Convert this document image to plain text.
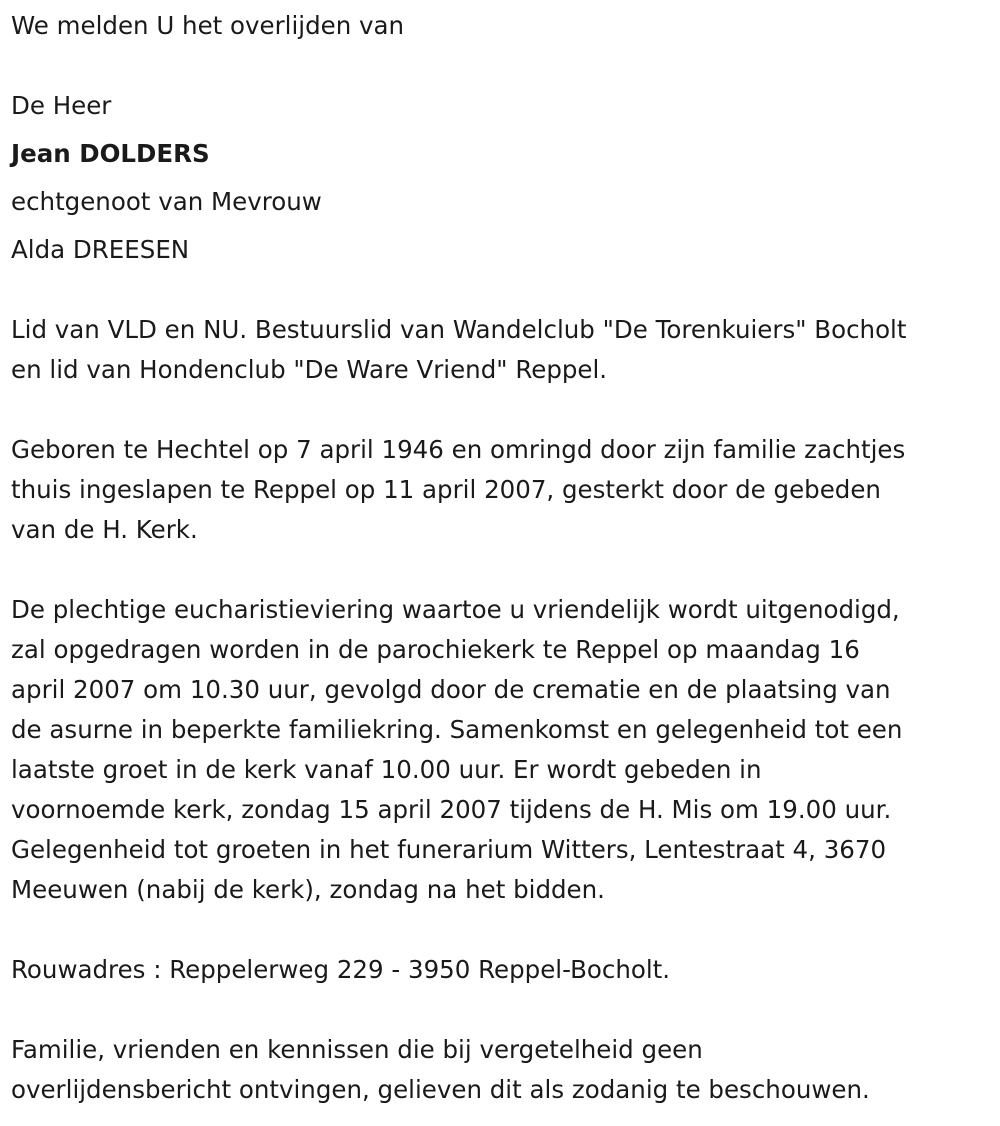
We melden U het overlijden van
De Heer
Jean DOLDERS
echtgenoot van Mevrouw
Alda DREESEN
Lid van VLD en NU. Bestuurslid van Wandelclub "De Torenkuiers" Bocholt
en lid van Hondenclub "De Ware Vriend" Reppel.
Geboren te Hechtel op 7 april 1946 en omringd door zijn familie zachtjes
thuis ingeslapen te Reppel op 11 april 2007, gesterkt door de gebeden
van de H. Kerk.
De plechtige eucharistieviering waartoe u vriendelijk wordt uitgenodigd,
zal opgedragen worden in de parochiekerk te Reppel op maandag 16
april 2007 om 10.30 uur, gevolgd door de crematie en de plaatsing van
de asurne in beperkte familiekring. Samenkomst en gelegenheid tot een
laatste groet in de kerk vanaf 10.00 uur. Er wordt gebeden in
voornoemde kerk, zondag 15 april 2007 tijdens de H. Mis om 19.00 uur.
Gelegenheid tot groeten in het funerarium Witters, Lentestraat 4, 3670
Meeuwen (nabij de kerk), zondag na het bidden.
Rouwadres : Reppelerweg 229 - 3950 Reppel-Bocholt.
Familie, vrienden en kennissen die bij vergetelheid geen
overlijdensbericht ontvingen, gelieven dit als zodanig te beschouwen.
